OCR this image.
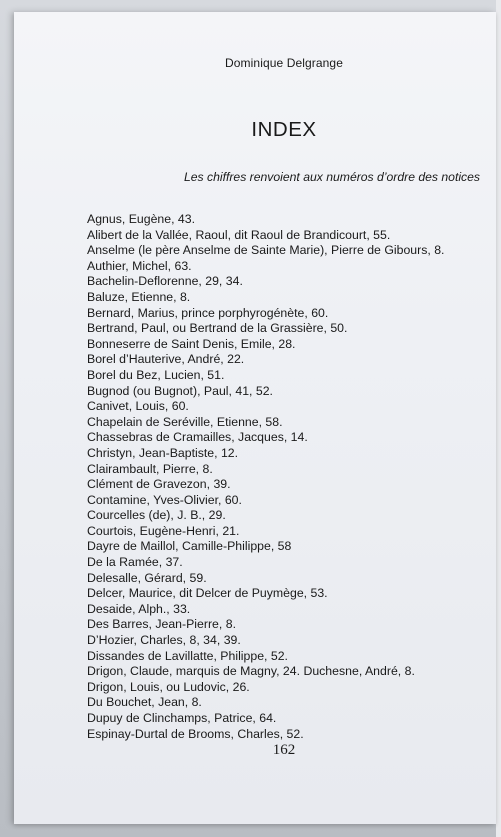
Dominique Delgrange
INDEX
Les chiffres renvoient aux numéros d’ordre des notices
Agnus, Eugène, 43.
Alibert de la Vallée, Raoul, dit Raoul de Brandicourt, 55.
Anselme (le père Anselme de Sainte Marie), Pierre de Gibours, 8.
Authier, Michel, 63.
Bachelin-Deflorenne, 29, 34.
Baluze, Etienne, 8.
Bernard, Marius, prince porphyrogénète, 60.
Bertrand, Paul, ou Bertrand de la Grassière, 50.
Bonneserre de Saint Denis, Emile, 28.
Borel d’Hauterive, André, 22.
Borel du Bez, Lucien, 51.
Bugnod (ou Bugnot), Paul, 41, 52.
Canivet, Louis, 60.
Chapelain de Seréville, Etienne, 58.
Chassebras de Cramailles, Jacques, 14.
Christyn, Jean-Baptiste, 12.
Clairambault, Pierre, 8.
Clément de Gravezon, 39.
Contamine, Yves-Olivier, 60.
Courcelles (de), J. B., 29.
Courtois, Eugène-Henri, 21.
Dayre de Maillol, Camille-Philippe, 58
De la Ramée, 37.
Delesalle, Gérard, 59.
Delcer, Maurice, dit Delcer de Puymège, 53.
Desaide, Alph., 33.
Des Barres, Jean-Pierre, 8.
D’Hozier, Charles, 8, 34, 39.
Dissandes de Lavillatte, Philippe, 52.
Drigon, Claude, marquis de Magny, 24. Duchesne, André, 8.
Drigon, Louis, ou Ludovic, 26.
Du Bouchet, Jean, 8.
Dupuy de Clinchamps, Patrice, 64.
Espinay-Durtal de Brooms, Charles, 52.
162
